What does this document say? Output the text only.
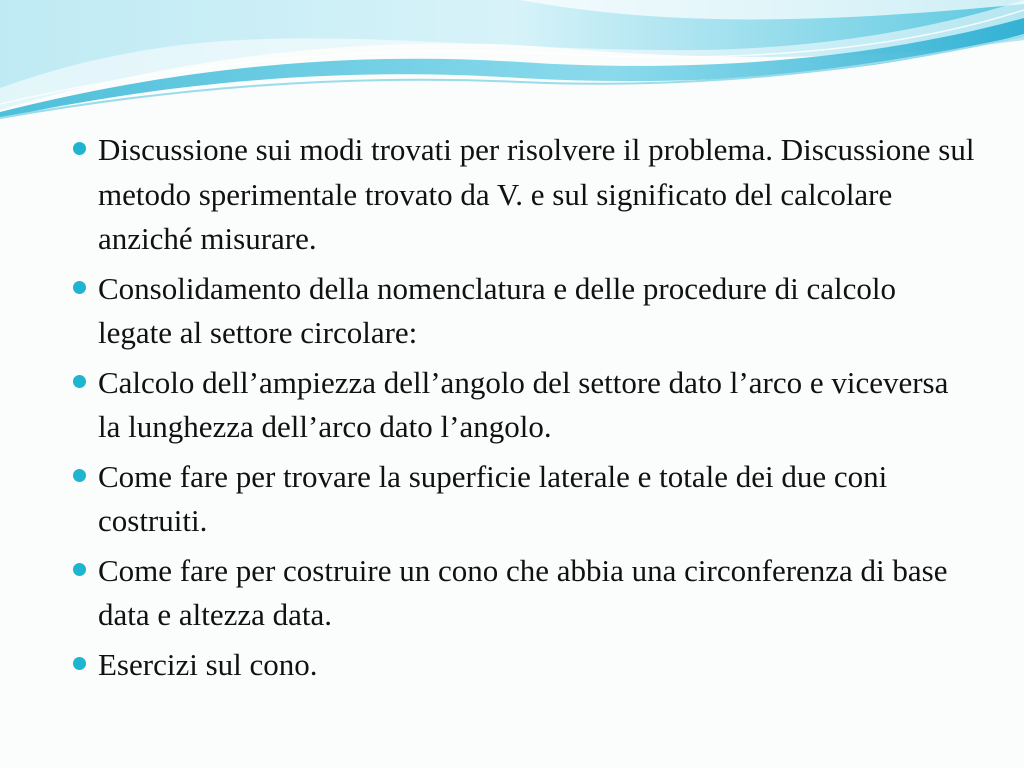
Discussione sui modi trovati per risolvere il problema. Discussione sul metodo sperimentale trovato da V. e sul significato del calcolare anziché misurare.
Consolidamento della nomenclatura e delle procedure di calcolo legate al settore circolare:
Calcolo dell’ampiezza dell’angolo del settore dato l’arco e viceversa la lunghezza dell’arco dato l’angolo.
Come fare per trovare la superficie laterale e totale dei due coni costruiti.
Come fare per costruire un cono che abbia una circonferenza di base data e altezza data.
Esercizi sul cono.
